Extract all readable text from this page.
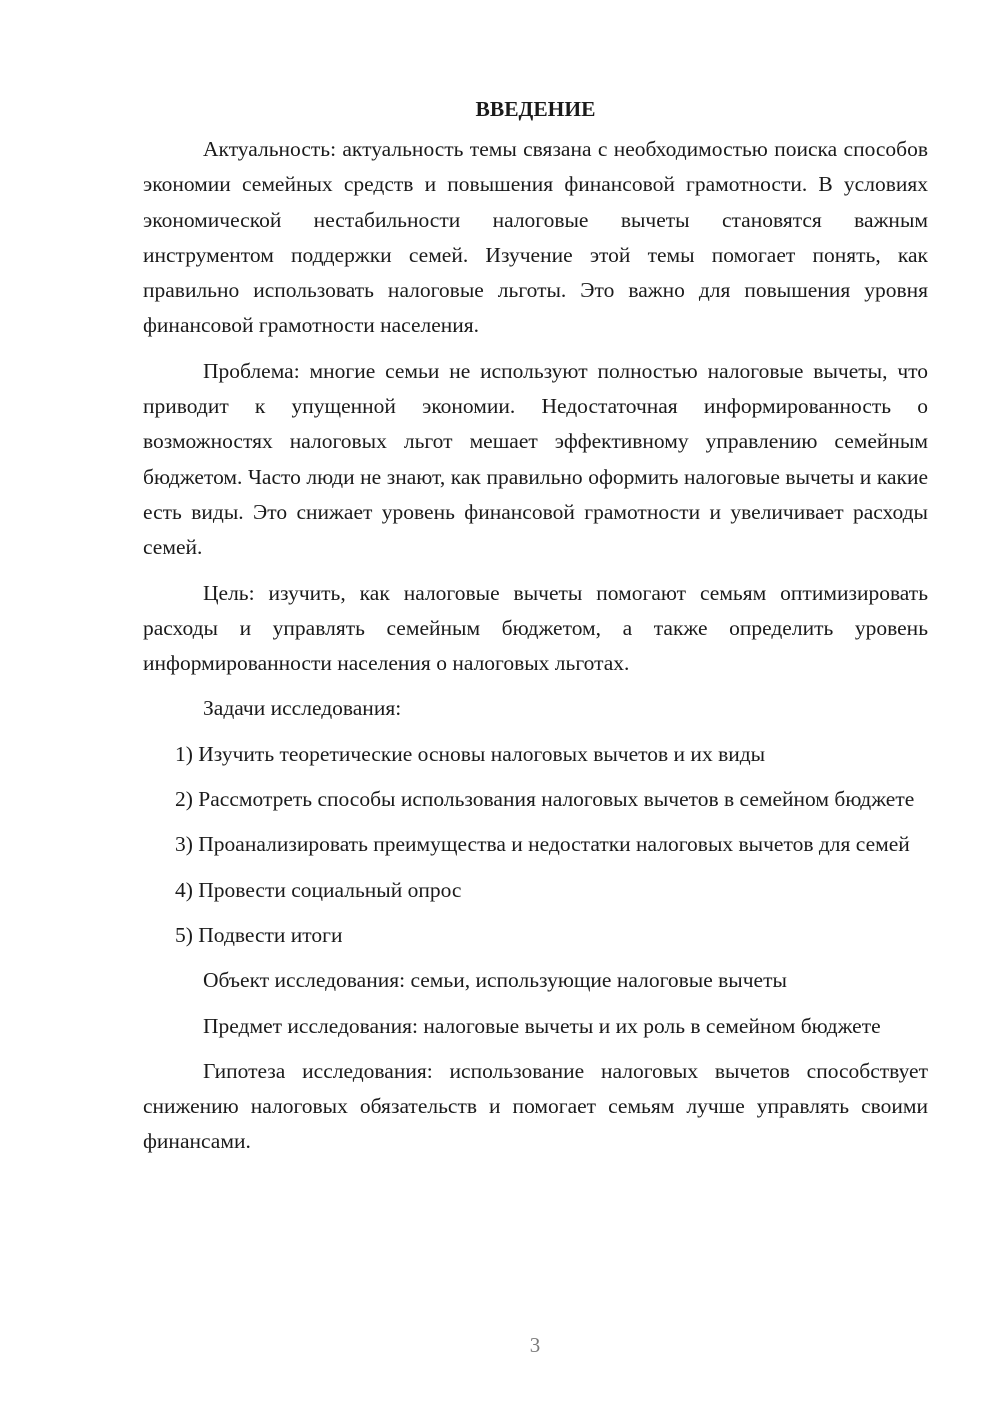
ВВЕДЕНИЕ

Актуальность: актуальность темы связана с необходимостью поиска способов экономии семейных средств и повышения финансовой грамотности. В условиях экономической нестабильности налоговые вычеты становятся важным инструментом поддержки семей. Изучение этой темы помогает понять, как правильно использовать налоговые льготы. Это важно для повышения уровня финансовой грамотности населения.

Проблема: многие семьи не используют полностью налоговые вычеты, что приводит к упущенной экономии. Недостаточная информированность о возможностях налоговых льгот мешает эффективному управлению семейным бюджетом. Часто люди не знают, как правильно оформить налоговые вычеты и какие есть виды. Это снижает уровень финансовой грамотности и увеличивает расходы семей.

Цель: изучить, как налоговые вычеты помогают семьям оптимизировать расходы и управлять семейным бюджетом, а также определить уровень информированности населения о налоговых льготах.

Задачи исследования:

1) Изучить теоретические основы налоговых вычетов и их виды

2) Рассмотреть способы использования налоговых вычетов в семейном бюджете

3) Проанализировать преимущества и недостатки налоговых вычетов для семей

4) Провести социальный опрос

5) Подвести итоги

Объект исследования: семьи, использующие налоговые вычеты

Предмет исследования: налоговые вычеты и их роль в семейном бюджете

Гипотеза исследования: использование налоговых вычетов способствует снижению налоговых обязательств и помогает семьям лучше управлять своими финансами.

3
